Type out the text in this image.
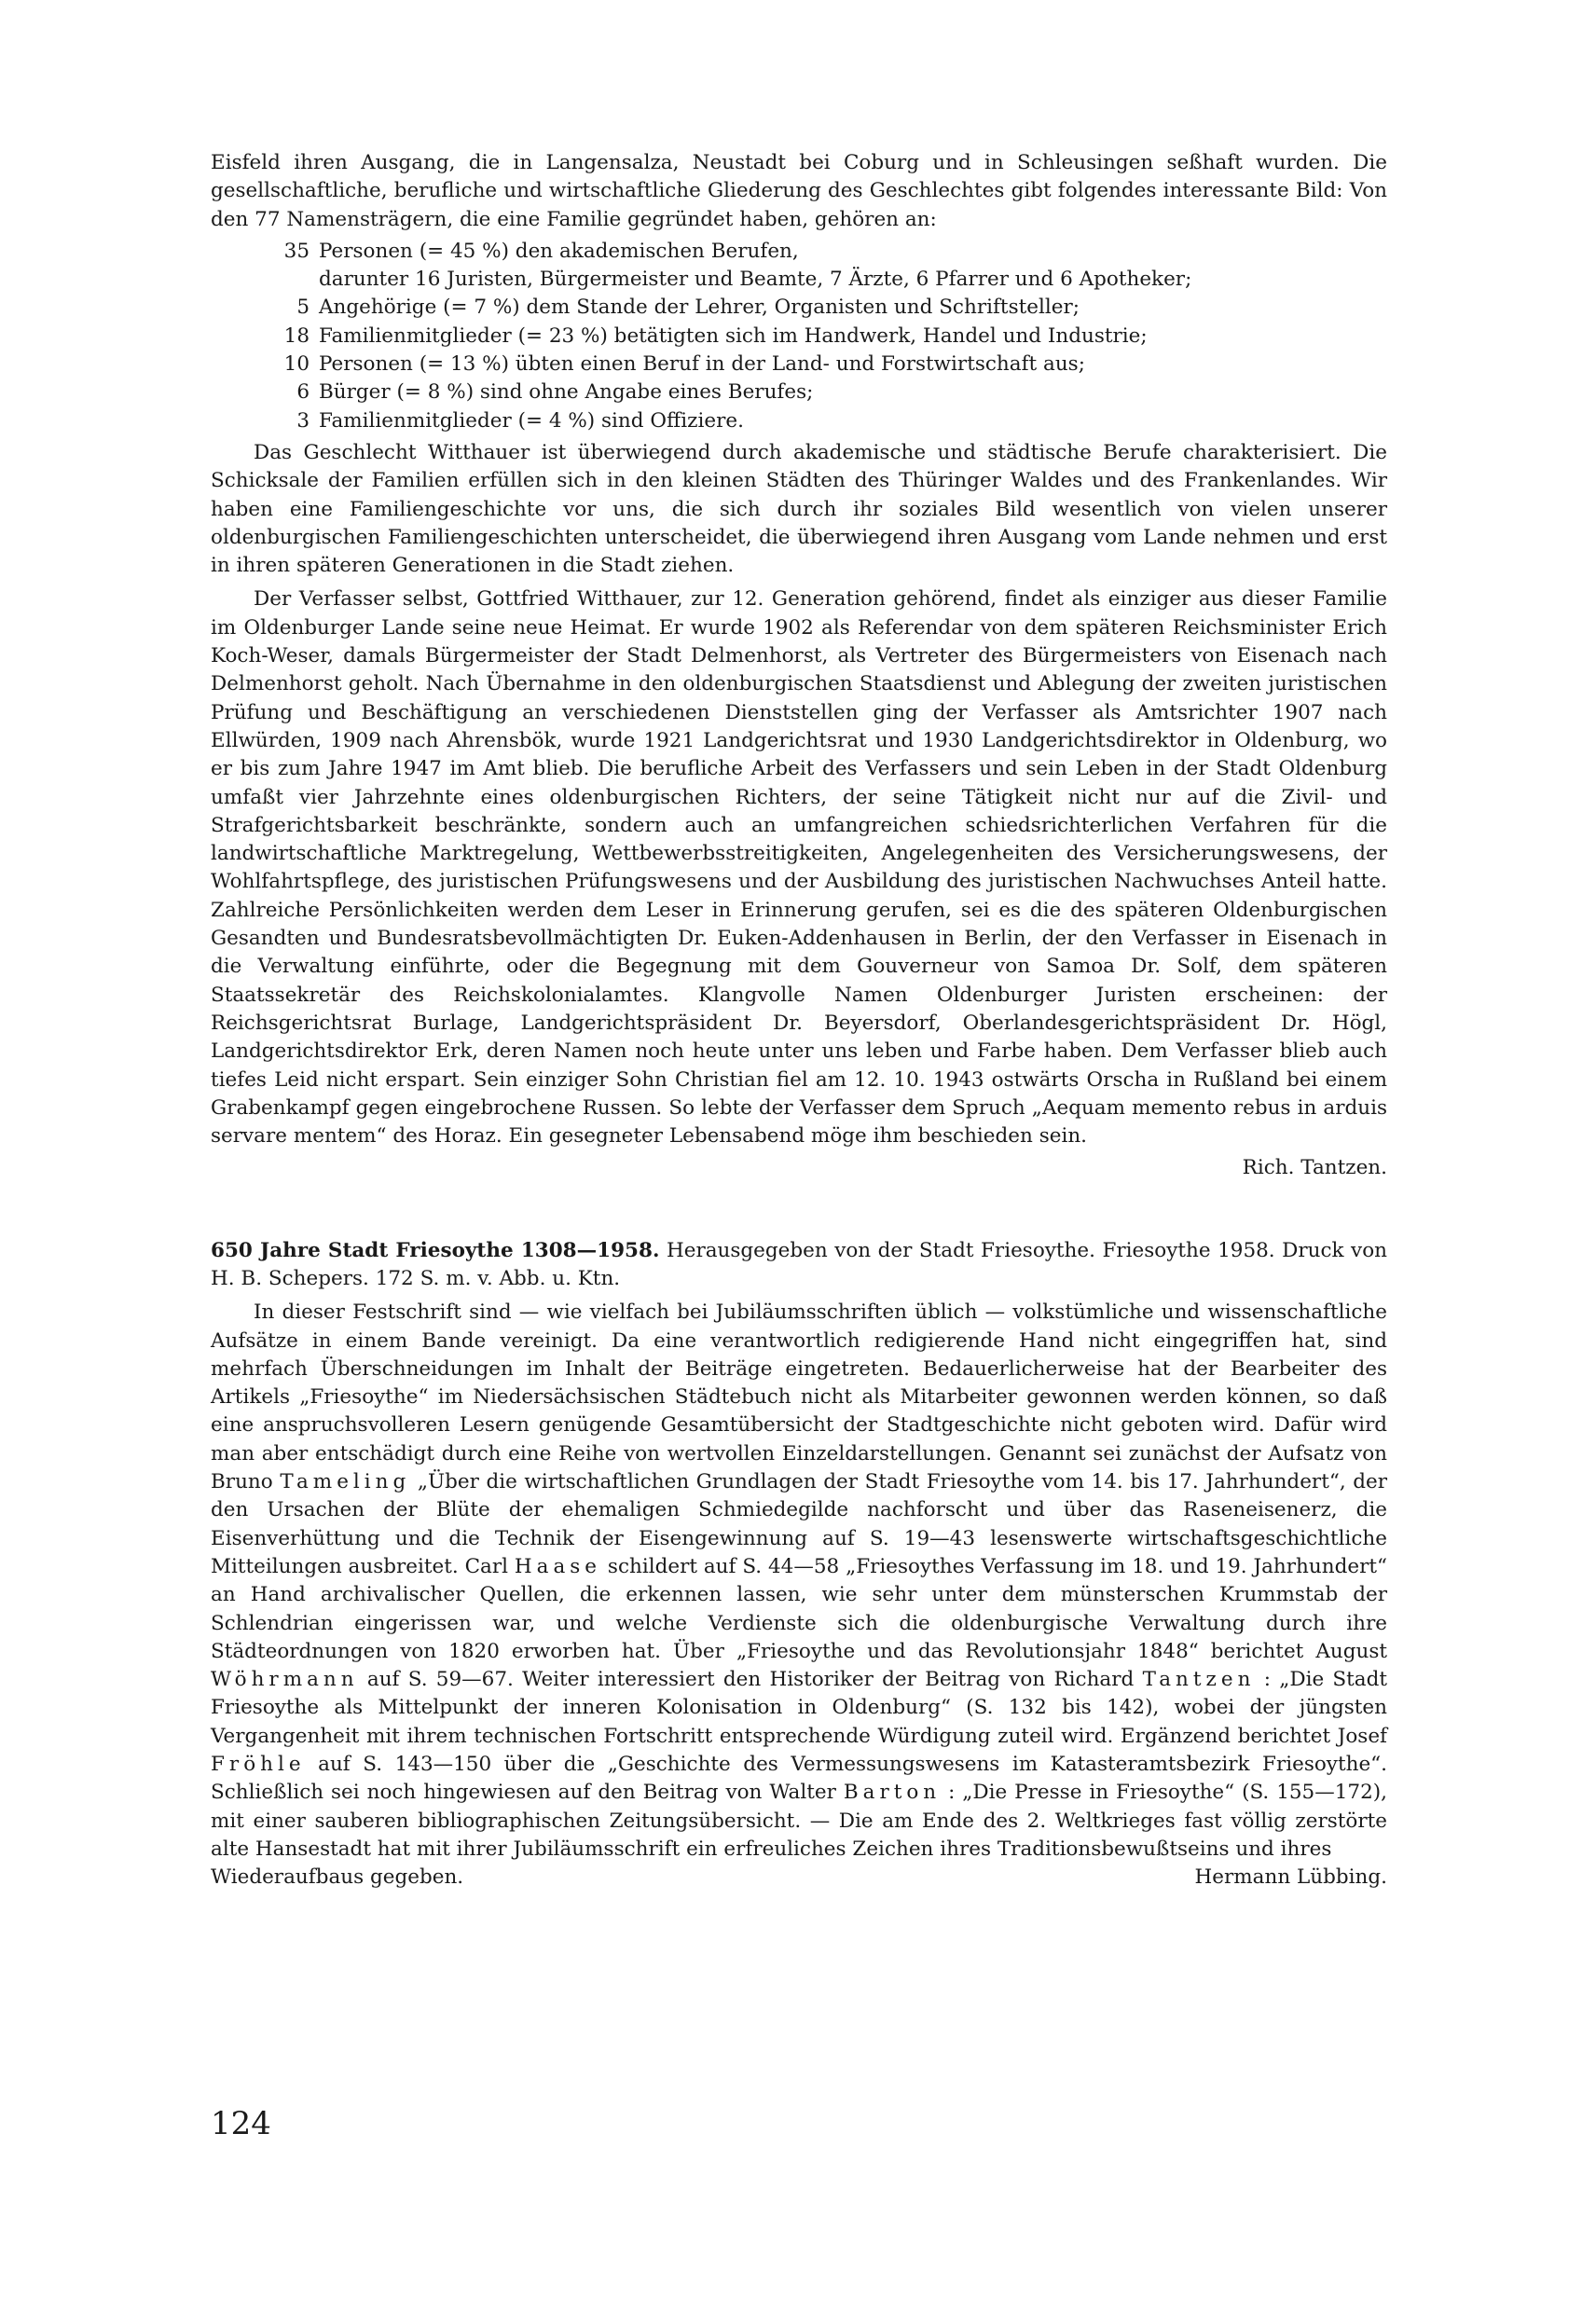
Eisfeld ihren Ausgang, die in Langensalza, Neustadt bei Coburg und in Schleusingen seßhaft wurden. Die gesellschaftliche, berufliche und wirtschaftliche Gliederung des Geschlechtes gibt folgendes interessante Bild: Von den 77 Namensträgern, die eine Familie gegründet haben, gehören an:

35 Personen (= 45 %) den akademischen Berufen,
darunter 16 Juristen, Bürgermeister und Beamte, 7 Ärzte, 6 Pfarrer und 6 Apotheker;
5 Angehörige (= 7 %) dem Stande der Lehrer, Organisten und Schriftsteller;
18 Familienmitglieder (= 23 %) betätigten sich im Handwerk, Handel und Industrie;
10 Personen (= 13 %) übten einen Beruf in der Land- und Forstwirtschaft aus;
6 Bürger (= 8 %) sind ohne Angabe eines Berufes;
3 Familienmitglieder (= 4 %) sind Offiziere.

Das Geschlecht Witthauer ist überwiegend durch akademische und städtische Berufe charakterisiert. Die Schicksale der Familien erfüllen sich in den kleinen Städten des Thüringer Waldes und des Frankenlandes. Wir haben eine Familiengeschichte vor uns, die sich durch ihr soziales Bild wesentlich von vielen unserer oldenburgischen Familiengeschichten unterscheidet, die überwiegend ihren Ausgang vom Lande nehmen und erst in ihren späteren Generationen in die Stadt ziehen.

Der Verfasser selbst, Gottfried Witthauer, zur 12. Generation gehörend, findet als einziger aus dieser Familie im Oldenburger Lande seine neue Heimat. Er wurde 1902 als Referendar von dem späteren Reichsminister Erich Koch-Weser, damals Bürgermeister der Stadt Delmenhorst, als Vertreter des Bürgermeisters von Eisenach nach Delmenhorst geholt. Nach Übernahme in den oldenburgischen Staatsdienst und Ablegung der zweiten juristischen Prüfung und Beschäftigung an verschiedenen Dienststellen ging der Verfasser als Amtsrichter 1907 nach Ellwürden, 1909 nach Ahrensbök, wurde 1921 Landgerichtsrat und 1930 Landgerichtsdirektor in Oldenburg, wo er bis zum Jahre 1947 im Amt blieb. Die berufliche Arbeit des Verfassers und sein Leben in der Stadt Oldenburg umfaßt vier Jahrzehnte eines oldenburgischen Richters, der seine Tätigkeit nicht nur auf die Zivil- und Strafgerichtsbarkeit beschränkte, sondern auch an umfangreichen schiedsrichterlichen Verfahren für die landwirtschaftliche Marktregelung, Wettbewerbsstreitigkeiten, Angelegenheiten des Versicherungswesens, der Wohlfahrtspflege, des juristischen Prüfungswesens und der Ausbildung des juristischen Nachwuchses Anteil hatte. Zahlreiche Persönlichkeiten werden dem Leser in Erinnerung gerufen, sei es die des späteren Oldenburgischen Gesandten und Bundesratsbevollmächtigten Dr. Euken-Addenhausen in Berlin, der den Verfasser in Eisenach in die Verwaltung einführte, oder die Begegnung mit dem Gouverneur von Samoa Dr. Solf, dem späteren Staatssekretär des Reichskolonialamtes. Klangvolle Namen Oldenburger Juristen erscheinen: der Reichsgerichtsrat Burlage, Landgerichtspräsident Dr. Beyersdorf, Oberlandesgerichtspräsident Dr. Högl, Landgerichtsdirektor Erk, deren Namen noch heute unter uns leben und Farbe haben. Dem Verfasser blieb auch tiefes Leid nicht erspart. Sein einziger Sohn Christian fiel am 12. 10. 1943 ostwärts Orscha in Rußland bei einem Grabenkampf gegen eingebrochene Russen. So lebte der Verfasser dem Spruch „Aequam memento rebus in arduis servare mentem“ des Horaz. Ein gesegneter Lebensabend möge ihm beschieden sein.

Rich. Tantzen.
650 Jahre Stadt Friesoythe 1308—1958. Herausgegeben von der Stadt Friesoythe. Friesoythe 1958. Druck von H. B. Schepers. 172 S. m. v. Abb. u. Ktn.

In dieser Festschrift sind — wie vielfach bei Jubiläumsschriften üblich — volkstümliche und wissenschaftliche Aufsätze in einem Bande vereinigt. Da eine verantwortlich redigierende Hand nicht eingegriffen hat, sind mehrfach Überschneidungen im Inhalt der Beiträge eingetreten. Bedauerlicherweise hat der Bearbeiter des Artikels „Friesoythe“ im Niedersächsischen Städtebuch nicht als Mitarbeiter gewonnen werden können, so daß eine anspruchsvolleren Lesern genügende Gesamtübersicht der Stadtgeschichte nicht geboten wird. Dafür wird man aber entschädigt durch eine Reihe von wertvollen Einzeldarstellungen. Genannt sei zunächst der Aufsatz von Bruno Tameling „Über die wirtschaftlichen Grundlagen der Stadt Friesoythe vom 14. bis 17. Jahrhundert“, der den Ursachen der Blüte der ehemaligen Schmiedegilde nachforscht und über das Raseneisenerz, die Eisenverhüttung und die Technik der Eisengewinnung auf S. 19—43 lesenswerte wirtschaftsgeschichtliche Mitteilungen ausbreitet. Carl Haase schildert auf S. 44—58 „Friesoythes Verfassung im 18. und 19. Jahrhundert“ an Hand archivalischer Quellen, die erkennen lassen, wie sehr unter dem münsterschen Krummstab der Schlendrian eingerissen war, und welche Verdienste sich die oldenburgische Verwaltung durch ihre Städteordnungen von 1820 erworben hat. Über „Friesoythe und das Revolutionsjahr 1848“ berichtet August Wöhrmann auf S. 59—67. Weiter interessiert den Historiker der Beitrag von Richard Tantzen : „Die Stadt Friesoythe als Mittelpunkt der inneren Kolonisation in Oldenburg“ (S. 132 bis 142), wobei der jüngsten Vergangenheit mit ihrem technischen Fortschritt entsprechende Würdigung zuteil wird. Ergänzend berichtet Josef Fröhle auf S. 143—150 über die „Geschichte des Vermessungswesens im Katasteramtsbezirk Friesoythe“. Schließlich sei noch hingewiesen auf den Beitrag von Walter Barton : „Die Presse in Friesoythe“ (S. 155—172), mit einer sauberen bibliographischen Zeitungsübersicht. — Die am Ende des 2. Weltkrieges fast völlig zerstörte alte Hansestadt hat mit ihrer Jubiläumsschrift ein erfreuliches Zeichen ihres Traditionsbewußtseins und ihres

Wiederaufbaus gegeben.	Hermann Lübbing.
124
